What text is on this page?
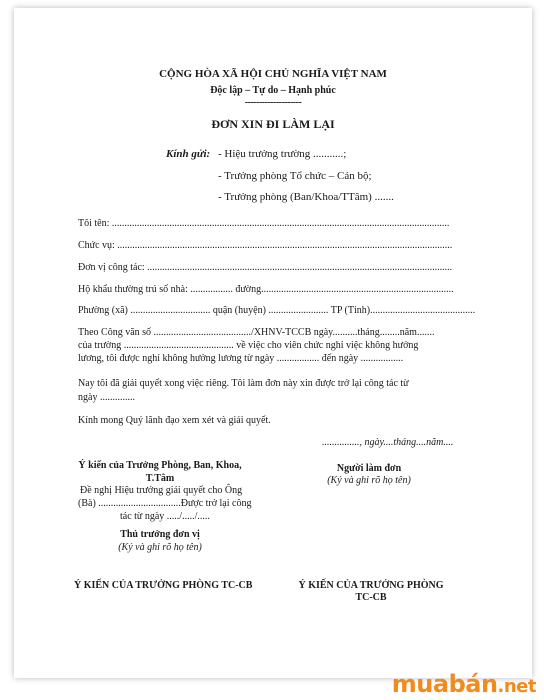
CỘNG HÒA XÃ HỘI CHỦ NGHĨA VIỆT NAM
Độc lập – Tự do – Hạnh phúc
--------------------
ĐƠN XIN ĐI LÀM LẠI
Kính gửi: - Hiệu trưởng trường ...........;
- Trưởng phòng Tổ chức – Cán bộ;
- Trưởng phòng (Ban/Khoa/TTâm) .......
Tôi tên: .......................................................................................................................................
Chức vụ: ......................................................................................................................................
Đơn vị công tác: ..........................................................................................................................
Hộ khẩu thường trú số nhà: ................. đường.............................................................................
Phường (xã) ................................ quận (huyện) ........................ TP (Tỉnh)..........................................
Theo Công văn số ......................................./XHNV-TCCB ngày..........tháng........năm.......
của trường ............................................ về việc cho viên chức nghỉ việc không hưởng
lương, tôi được nghỉ không hưởng lương từ ngày ................. đến ngày .................
Nay tôi đã giải quyết xong việc riêng. Tôi làm đơn này xin được trở lại công tác từ
ngày ..............
Kính mong Quý lãnh đạo xem xét và giải quyết.
..............., ngày....tháng....năm....
Ý kiến của Trưởng Phòng, Ban, Khoa,
T.Tâm
Đề nghị Hiệu trưởng giải quyết cho Ông
(Bà) .................................Được trở lại công
tác từ ngày ...../...../.....
Thủ trưởng đơn vị
(Ký và ghi rõ họ tên)
Người làm đơn
(Ký và ghi rõ họ tên)
Ý KIẾN CỦA TRƯỞNG PHÒNG TC-CB	Ý KIẾN CỦA TRƯỞNG PHÒNG
TC-CB
muabán.net
